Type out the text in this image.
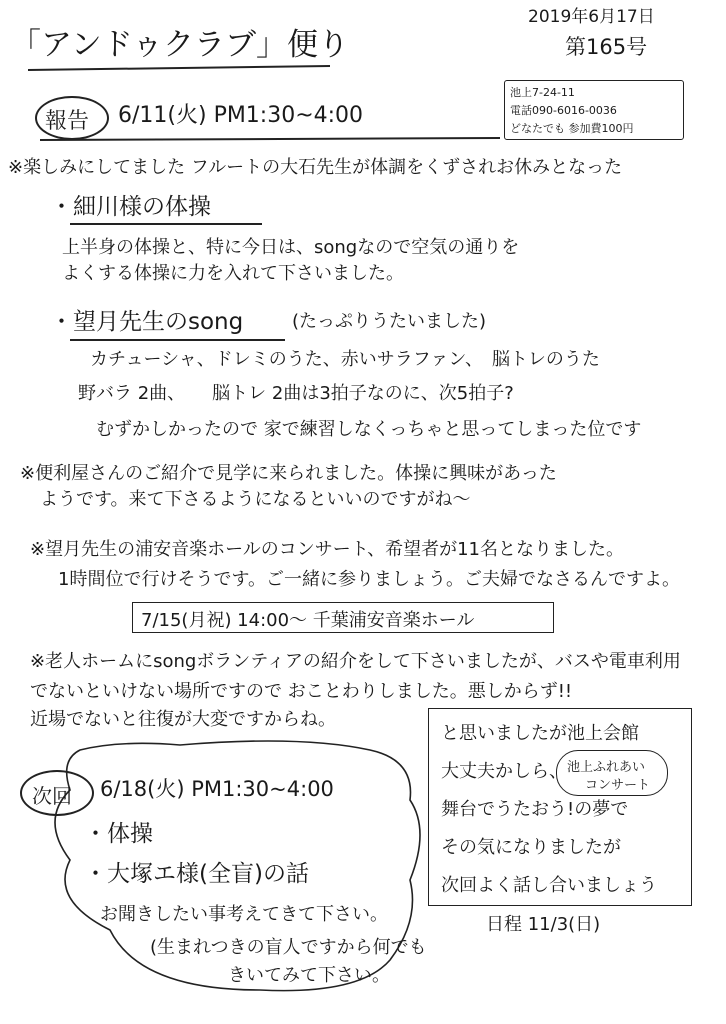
「アンドゥクラブ」便り
2019年6月17日
第165号
池上7-24-11
電話090-6016-0036
どなたでも 参加費100円
報告 6/11(火) PM1:30~4:00
※楽しみにしてました フルートの大石先生が体調をくずされお休みとなった
・細川様の体操
上半身の体操と、特に今日は、songなので空気の通りを
よくする体操に力を入れて下さいました。
・望月先生のsong	(たっぷりうたいました)
カチューシャ、ドレミのうた、赤いサラファン、　脳トレのうた
野バラ 2曲、　　脳トレ 2曲は3拍子なのに、次5拍子?
むずかしかったので 家で練習しなくっちゃと思ってしまった位です
※便利屋さんのご紹介で見学に来られました。体操に興味があった
ようです。来て下さるようになるといいのですがね〜
※望月先生の浦安音楽ホールのコンサート、希望者が11名となりました。
1時間位で行けそうです。ご一緒に参りましょう。ご夫婦でなさるんですよ。
7/15(月祝) 14:00〜 千葉浦安音楽ホール
※老人ホームにsongボランティアの紹介をして下さいましたが、バスや電車利用
でないといけない場所ですので おことわりしました。悪しからず!!
近場でないと往復が大変ですからね。
次回 6/18(火) PM1:30~4:00
・体操
・大塚エ様(全盲)の話
お聞きしたい事考えてきて下さい。
(生まれつきの盲人ですから何でも
きいてみて下さい。
と思いましたが池上会館
大丈夫かしら、
舞台でうたおう!の夢で
その気になりましたが
次回よく話し合いましょう
池上ふれあい
コンサート
日程 11/3(日)
